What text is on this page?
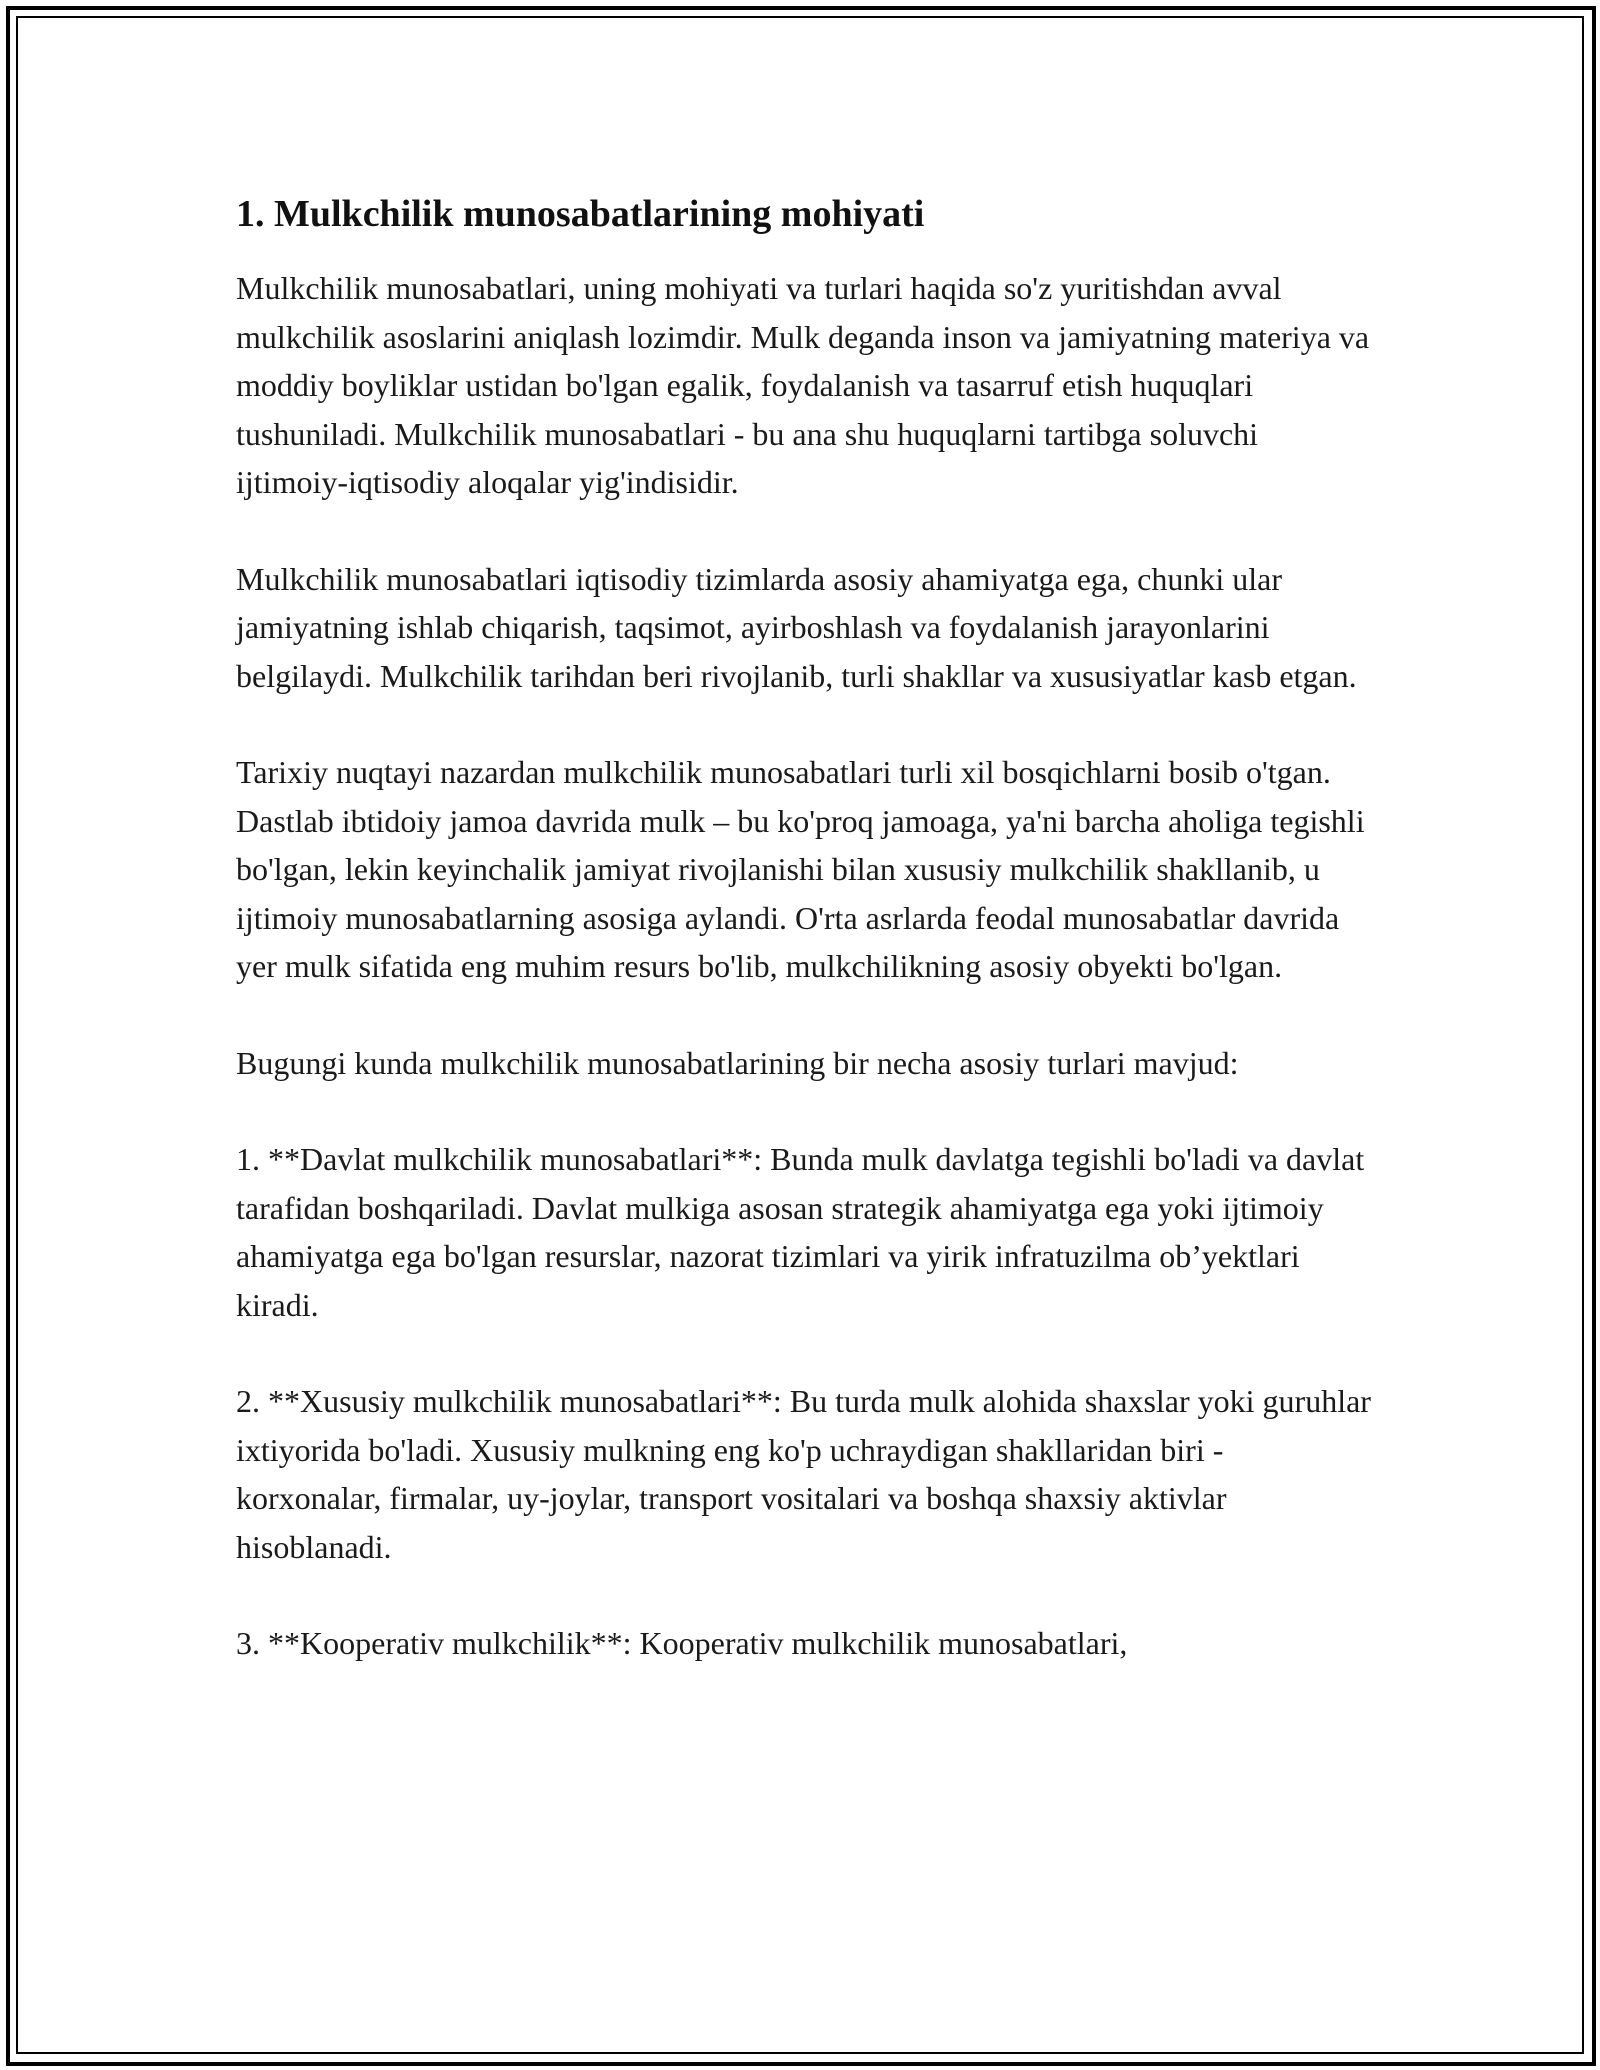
1. Mulkchilik munosabatlarining mohiyati

Mulkchilik munosabatlari, uning mohiyati va turlari haqida so'z yuritishdan avval mulkchilik asoslarini aniqlash lozimdir. Mulk deganda inson va jamiyatning materiya va moddiy boyliklar ustidan bo'lgan egalik, foydalanish va tasarruf etish huquqlari tushuniladi. Mulkchilik munosabatlari - bu ana shu huquqlarni tartibga soluvchi ijtimoiy-iqtisodiy aloqalar yig'indisidir.

Mulkchilik munosabatlari iqtisodiy tizimlarda asosiy ahamiyatga ega, chunki ular jamiyatning ishlab chiqarish, taqsimot, ayirboshlash va foydalanish jarayonlarini belgilaydi. Mulkchilik tarihdan beri rivojlanib, turli shakllar va xususiyatlar kasb etgan.

Tarixiy nuqtayi nazardan mulkchilik munosabatlari turli xil bosqichlarni bosib o'tgan. Dastlab ibtidoiy jamoa davrida mulk – bu ko'proq jamoaga, ya'ni barcha aholiga tegishli bo'lgan, lekin keyinchalik jamiyat rivojlanishi bilan xususiy mulkchilik shakllanib, u ijtimoiy munosabatlarning asosiga aylandi. O'rta asrlarda feodal munosabatlar davrida yer mulk sifatida eng muhim resurs bo'lib, mulkchilikning asosiy obyekti bo'lgan.

Bugungi kunda mulkchilik munosabatlarining bir necha asosiy turlari mavjud:

1. **Davlat mulkchilik munosabatlari**: Bunda mulk davlatga tegishli bo'ladi va davlat tarafidan boshqariladi. Davlat mulkiga asosan strategik ahamiyatga ega yoki ijtimoiy ahamiyatga ega bo'lgan resurslar, nazorat tizimlari va yirik infratuzilma ob’yektlari kiradi.

2. **Xususiy mulkchilik munosabatlari**: Bu turda mulk alohida shaxslar yoki guruhlar ixtiyorida bo'ladi. Xususiy mulkning eng ko'p uchraydigan shakllaridan biri - korxonalar, firmalar, uy-joylar, transport vositalari va boshqa shaxsiy aktivlar hisoblanadi.

3. **Kooperativ mulkchilik**: Kooperativ mulkchilik munosabatlari,
